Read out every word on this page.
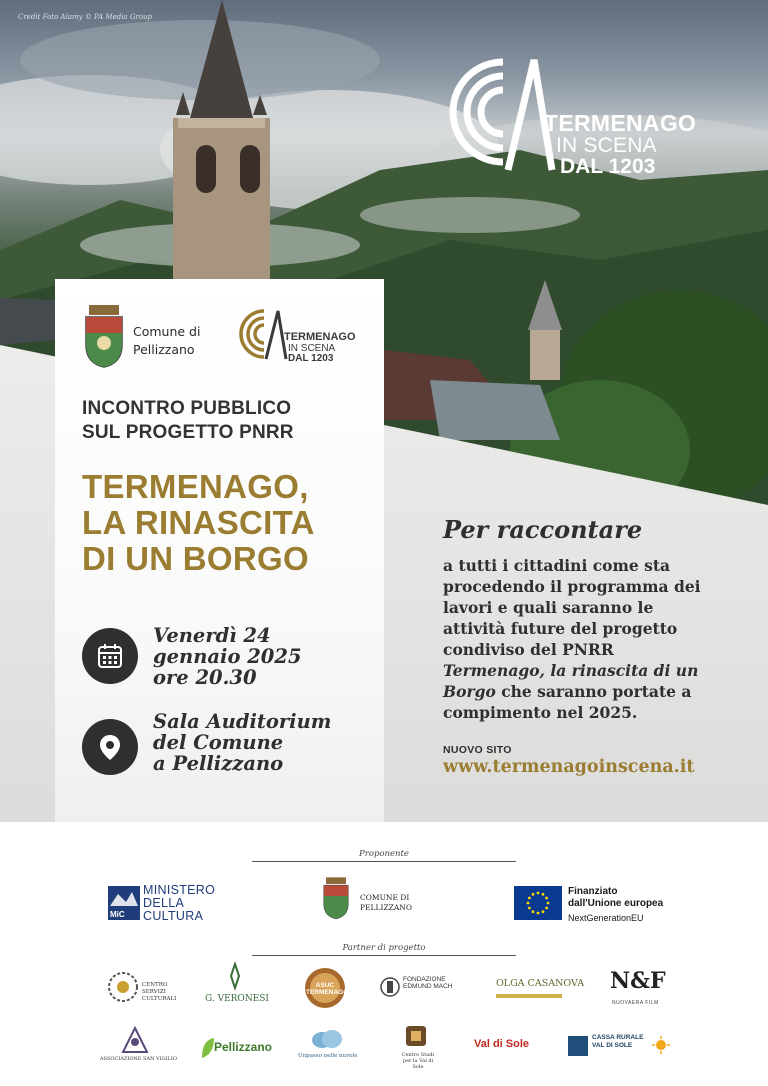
Credit Foto Alamy © PA Media Group
TERMENAGO
IN SCENA
DAL 1203
Comune di
Pellizzano
TERMENAGO
IN SCENA
DAL 1203
INCONTRO PUBBLICO
SUL PROGETTO PNRR
TERMENAGO,
LA RINASCITA
DI UN BORGO
Venerdì 24
gennaio 2025
ore 20.30
Sala Auditorium
del Comune
a Pellizzano
Per raccontare
a tutti i cittadini come sta
procedendo il programma dei
lavori e quali saranno le
attività future del progetto
condiviso del PNRR
Termenago, la rinascita di un
Borgo che saranno portate a
compimento nel 2025.
NUOVO SITO
www.termenagoinscena.it
Proponente
MiC
MINISTERO
DELLA
CULTURA
COMUNE DI
PELLIZZANO
Finanziato
dall'Unione europea
NextGenerationEU
Partner di progetto
CENTRO SERVIZI CULTURALI	G. VERONESI
ASUC TERMENAGO
FONDAZIONE EDMUND MACH	OLGA CASANOVA N&F
NUOVAERA FILM
ASSOCIAZIONE SAN VIGILIO
Pellizzano
Unpasso nelle nuvole	Centro Studi per la Val di Sole
Val di Sole
CASSA RURALE VAL DI SOLE
